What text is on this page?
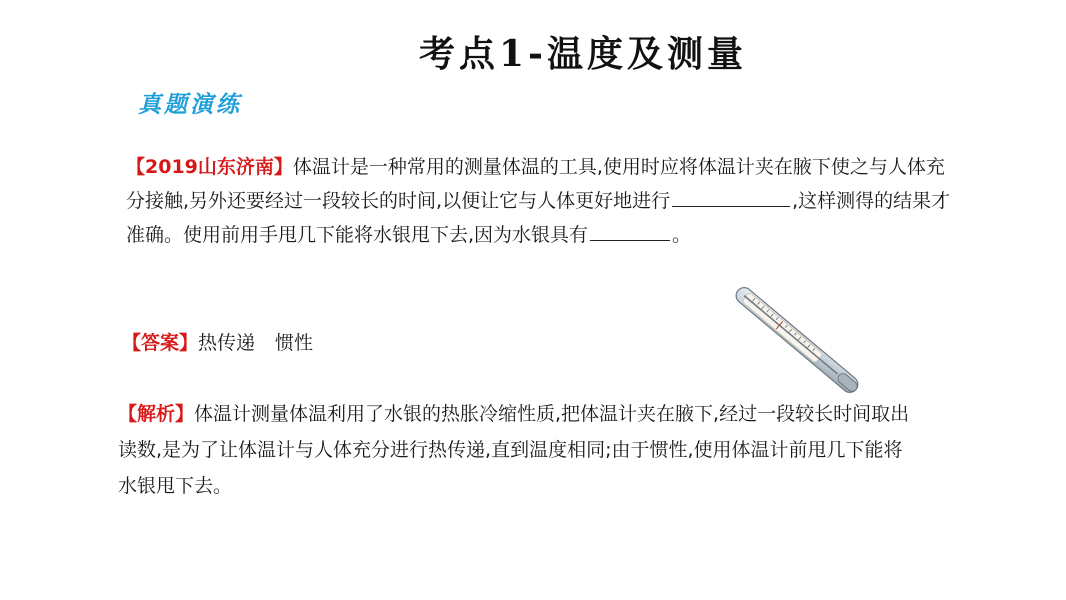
考点1-温度及测量
真题演练
【2019山东济南】体温计是一种常用的测量体温的工具,使用时应将体温计夹在腋下使之与人体充分接触,另外还要经过一段较长的时间,以便让它与人体更好地进行	,这样测得的结果才准确。使用前用手甩几下能将水银甩下去,因为水银具有	。
【答案】热传递 惯性
【解析】体温计测量体温利用了水银的热胀冷缩性质,把体温计夹在腋下,经过一段较长时间取出读数,是为了让体温计与人体充分进行热传递,直到温度相同;由于惯性,使用体温计前甩几下能将水银甩下去。
